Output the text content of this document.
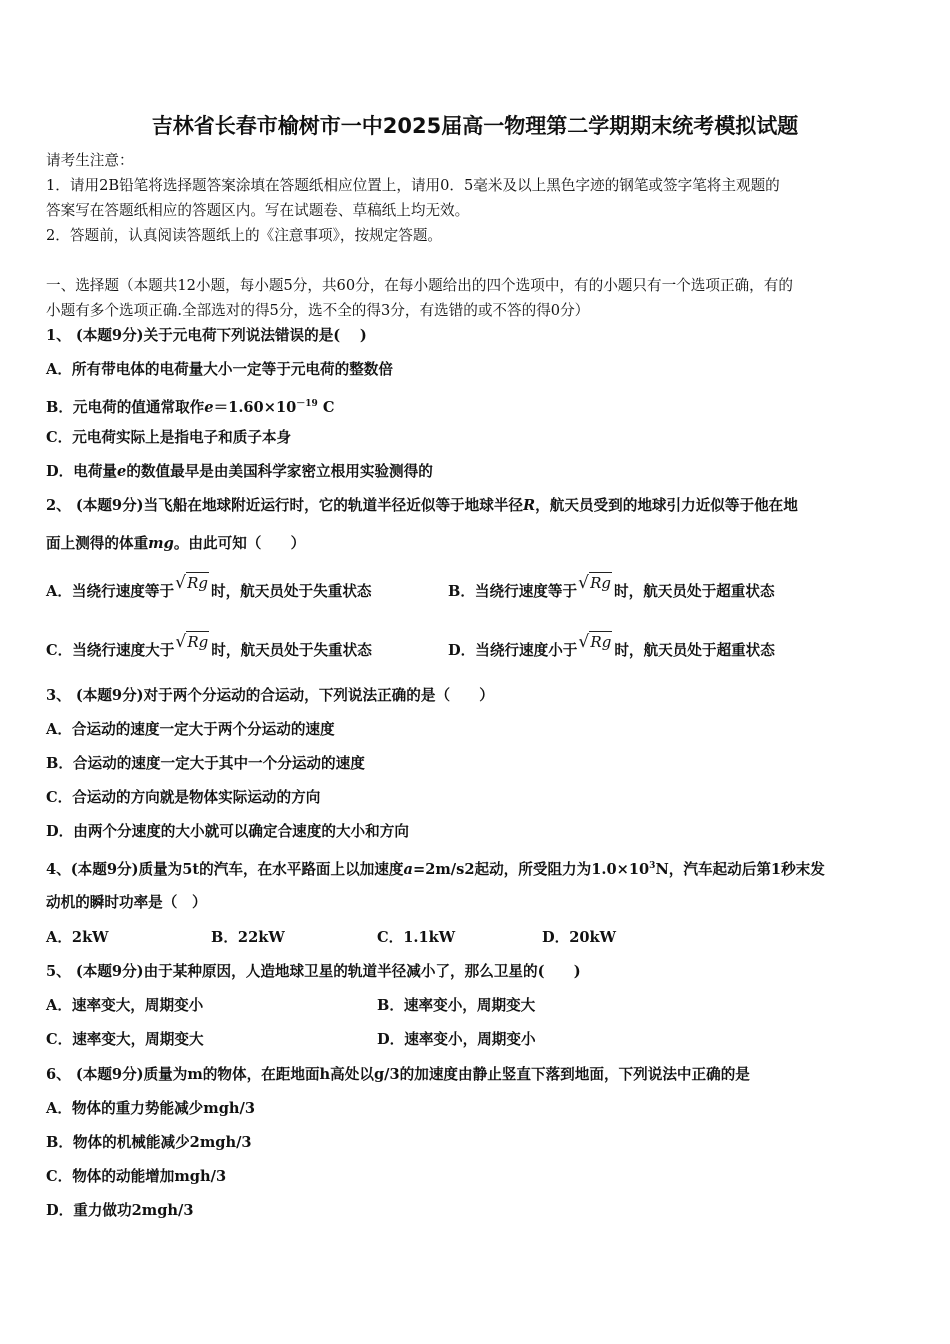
吉林省长春市榆树市一中2025届高一物理第二学期期末统考模拟试题
请考生注意：
1．请用2B铅笔将选择题答案涂填在答题纸相应位置上，请用0．5毫米及以上黑色字迹的钢笔或签字笔将主观题的
答案写在答题纸相应的答题区内。写在试题卷、草稿纸上均无效。
2．答题前，认真阅读答题纸上的《注意事项》，按规定答题。
一、选择题（本题共12小题，每小题5分，共60分，在每小题给出的四个选项中，有的小题只有一个选项正确，有的
小题有多个选项正确.全部选对的得5分，选不全的得3分，有选错的或不答的得0分）
1、 (本题9分)关于元电荷下列说法错误的是(　 )
A．所有带电体的电荷量大小一定等于元电荷的整数倍
B．元电荷的值通常取作$e=1.60\times 10^{-19}$ C
C．元电荷实际上是指电子和质子本身
D．电荷量e的数值最早是由美国科学家密立根用实验测得的
2、 (本题9分)当飞船在地球附近运行时，它的轨道半径近似等于地球半径R，航天员受到的地球引力近似等于他在地
面上测得的体重mg。由此可知（　　）
A．当绕行速度等于 √ Rg 时，航天员处于失重状态	B．当绕行速度等于 √ Rg 时，航天员处于超重状态
C．当绕行速度大于 √ Rg 时，航天员处于失重状态	D．当绕行速度小于 √ Rg 时，航天员处于超重状态
3、 (本题9分)对于两个分运动的合运动，下列说法正确的是（　　）
A．合运动的速度一定大于两个分运动的速度
B．合运动的速度一定大于其中一个分运动的速度
C．合运动的方向就是物体实际运动的方向
D．由两个分速度的大小就可以确定合速度的大小和方向
4、(本题9分)质量为5t的汽车，在水平路面上以加速度a=2m/s2起动，所受阻力为$1.0\times 10^3N$，汽车起动后第1秒末发
动机的瞬时功率是（　）
A．2kW	B．22kW	C．1.1kW	D．20kW
5、 (本题9分)由于某种原因，人造地球卫星的轨道半径减小了，那么卫星的(　　)
A．速率变大，周期变小	B．速率变小，周期变大
C．速率变大，周期变大	D．速率变小，周期变小
6、 (本题9分)质量为m的物体，在距地面h高处以g/3的加速度由静止竖直下落到地面，下列说法中正确的是
A．物体的重力势能减少mgh/3
B．物体的机械能减少2mgh/3
C．物体的动能增加mgh/3
D．重力做功2mgh/3
